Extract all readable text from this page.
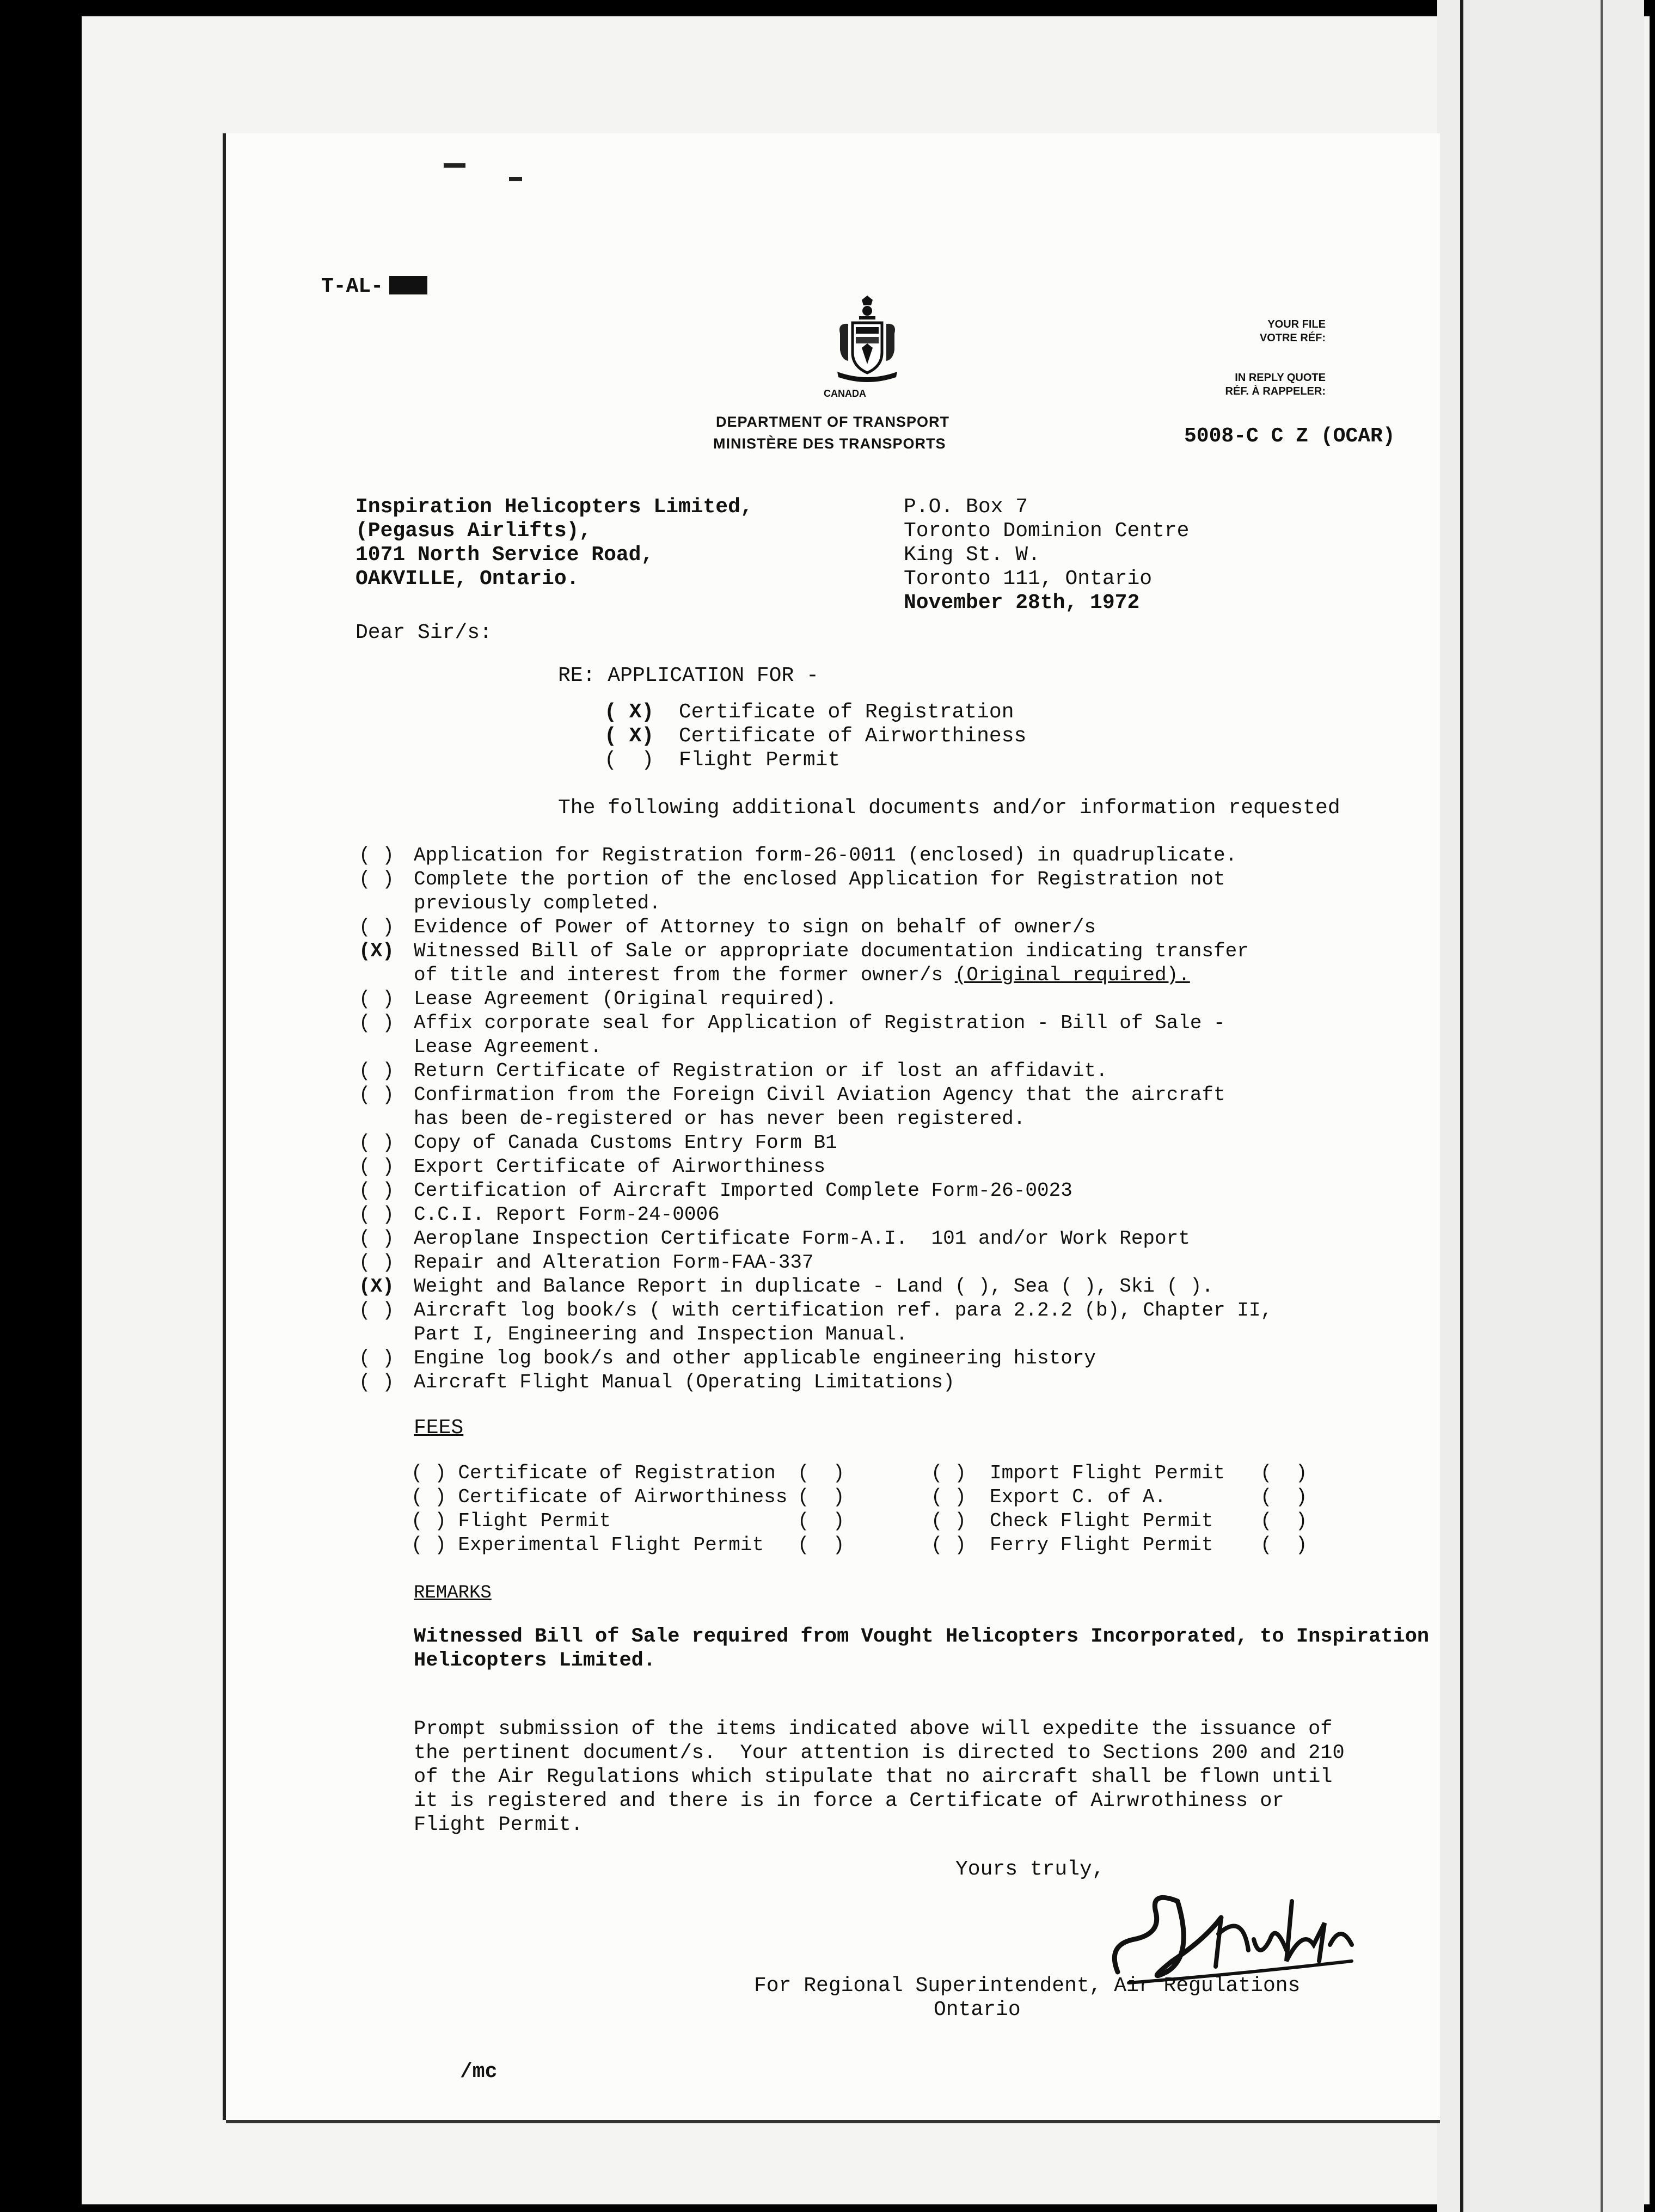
T-AL-

CANADA
DEPARTMENT OF TRANSPORT
MINISTÈRE DES TRANSPORTS
YOUR FILE
VOTRE RÉF:
IN REPLY QUOTE
RÉF. À RAPPELER:
5008-C C Z (OCAR)
Inspiration Helicopters Limited,
(Pegasus Airlifts),
1071 North Service Road,
OAKVILLE, Ontario.
P.O. Box 7
Toronto Dominion Centre
King St. W.
Toronto 111, Ontario
November 28th, 1972
Dear Sir/s:
RE: APPLICATION FOR -
( X) Certificate of Registration
( X) Certificate of Airworthiness
(  ) Flight Permit
The following additional documents and/or information requested
( ) Application for Registration form-26-0011 (enclosed) in quadruplicate.
( ) Complete the portion of the enclosed Application for Registration not
previously completed.
( ) Evidence of Power of Attorney to sign on behalf of owner/s
(X) Witnessed Bill of Sale or appropriate documentation indicating transfer
of title and interest from the former owner/s (Original required).
( ) Lease Agreement (Original required).
( ) Affix corporate seal for Application of Registration - Bill of Sale -
Lease Agreement.
( ) Return Certificate of Registration or if lost an affidavit.
( ) Confirmation from the Foreign Civil Aviation Agency that the aircraft
has been de-registered or has never been registered.
( ) Copy of Canada Customs Entry Form B1
( ) Export Certificate of Airworthiness
( ) Certification of Aircraft Imported Complete Form-26-0023
( ) C.C.I. Report Form-24-0006
( ) Aeroplane Inspection Certificate Form-A.I.  101 and/or Work Report
( ) Repair and Alteration Form-FAA-337
(X) Weight and Balance Report in duplicate - Land ( ), Sea ( ), Ski ( ).
( ) Aircraft log book/s ( with certification ref. para 2.2.2 (b), Chapter II,
Part I, Engineering and Inspection Manual.
( ) Engine log book/s and other applicable engineering history
( ) Aircraft Flight Manual (Operating Limitations)
FEES
( ) Certificate of Registration
( ) Certificate of Airworthiness
( ) Flight Permit
( ) Experimental Flight Permit
(  )
(  )
(  )
(  )
( ) Import Flight Permit
( ) Export C. of A.
( ) Check Flight Permit
( ) Ferry Flight Permit
(  )
(  )
(  )
(  )
REMARKS
Witnessed Bill of Sale required from Vought Helicopters Incorporated, to Inspiration
Helicopters Limited.
Prompt submission of the items indicated above will expedite the issuance of
the pertinent document/s.  Your attention is directed to Sections 200 and 210
of the Air Regulations which stipulate that no aircraft shall be flown until
it is registered and there is in force a Certificate of Airwrothiness or
Flight Permit.
Yours truly,

For Regional Superintendent, Air Regulations
Ontario
/mc
